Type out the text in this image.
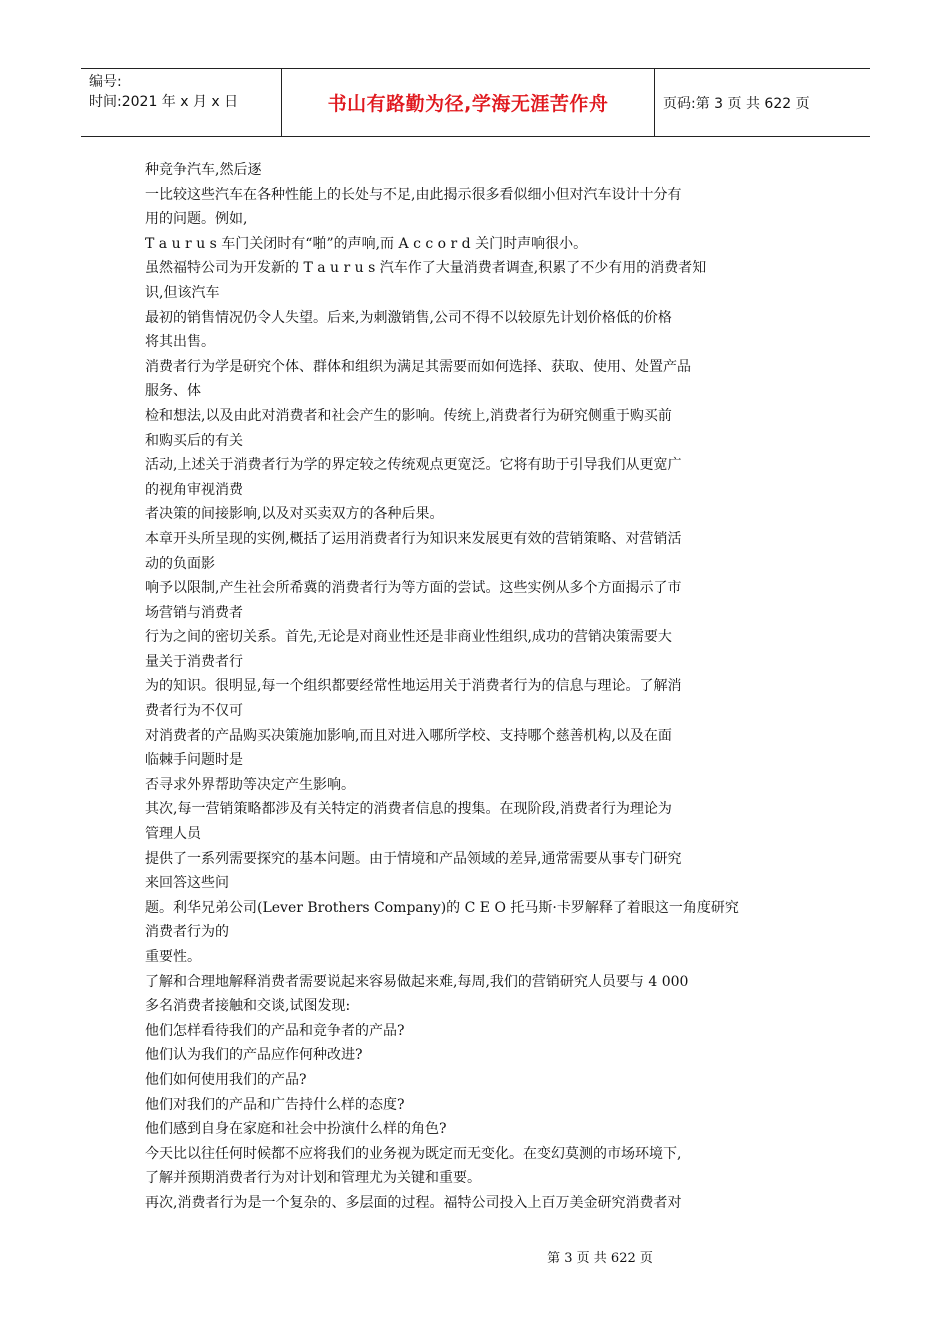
编号:
时间:2021 年 x 月 x 日	书山有路勤为径,学海无涯苦作舟	页码:第 3 页 共 622 页

种竞争汽车,然后逐

一比较这些汽车在各种性能上的长处与不足,由此揭示很多看似细小但对汽车设计十分有

用的问题。例如,

T a u r u s 车门关闭时有“啪”的声响,而 A c c o r d 关门时声响很小。

虽然福特公司为开发新的 T a u r u s 汽车作了大量消费者调查,积累了不少有用的消费者知

识,但该汽车

最初的销售情况仍令人失望。后来,为刺激销售,公司不得不以较原先计划价格低的价格

将其出售。

消费者行为学是研究个体、群体和组织为满足其需要而如何选择、获取、使用、处置产品

服务、体

检和想法,以及由此对消费者和社会产生的影响。传统上,消费者行为研究侧重于购买前

和购买后的有关

活动,上述关于消费者行为学的界定较之传统观点更宽泛。它将有助于引导我们从更宽广

的视角审视消费

者决策的间接影响,以及对买卖双方的各种后果。

本章开头所呈现的实例,概括了运用消费者行为知识来发展更有效的营销策略、对营销活

动的负面影

响予以限制,产生社会所希冀的消费者行为等方面的尝试。这些实例从多个方面揭示了市

场营销与消费者

行为之间的密切关系。首先,无论是对商业性还是非商业性组织,成功的营销决策需要大

量关于消费者行

为的知识。很明显,每一个组织都要经常性地运用关于消费者行为的信息与理论。了解消

费者行为不仅可

对消费者的产品购买决策施加影响,而且对进入哪所学校、支持哪个慈善机构,以及在面

临棘手问题时是

否寻求外界帮助等决定产生影响。

其次,每一营销策略都涉及有关特定的消费者信息的搜集。在现阶段,消费者行为理论为

管理人员

提供了一系列需要探究的基本问题。由于情境和产品领域的差异,通常需要从事专门研究

来回答这些问

题。利华兄弟公司(Lever Brothers Company)的 C E O 托马斯·卡罗解释了着眼这一角度研究

消费者行为的

重要性。

了解和合理地解释消费者需要说起来容易做起来难,每周,我们的营销研究人员要与 4 000

多名消费者接触和交谈,试图发现:

他们怎样看待我们的产品和竞争者的产品?

他们认为我们的产品应作何种改进?

他们如何使用我们的产品?

他们对我们的产品和广告持什么样的态度?

他们感到自身在家庭和社会中扮演什么样的角色?

今天比以往任何时候都不应将我们的业务视为既定而无变化。在变幻莫测的市场环境下,

了解并预期消费者行为对计划和管理尤为关键和重要。

再次,消费者行为是一个复杂的、多层面的过程。福特公司投入上百万美金研究消费者对

第 3 页 共 622 页
